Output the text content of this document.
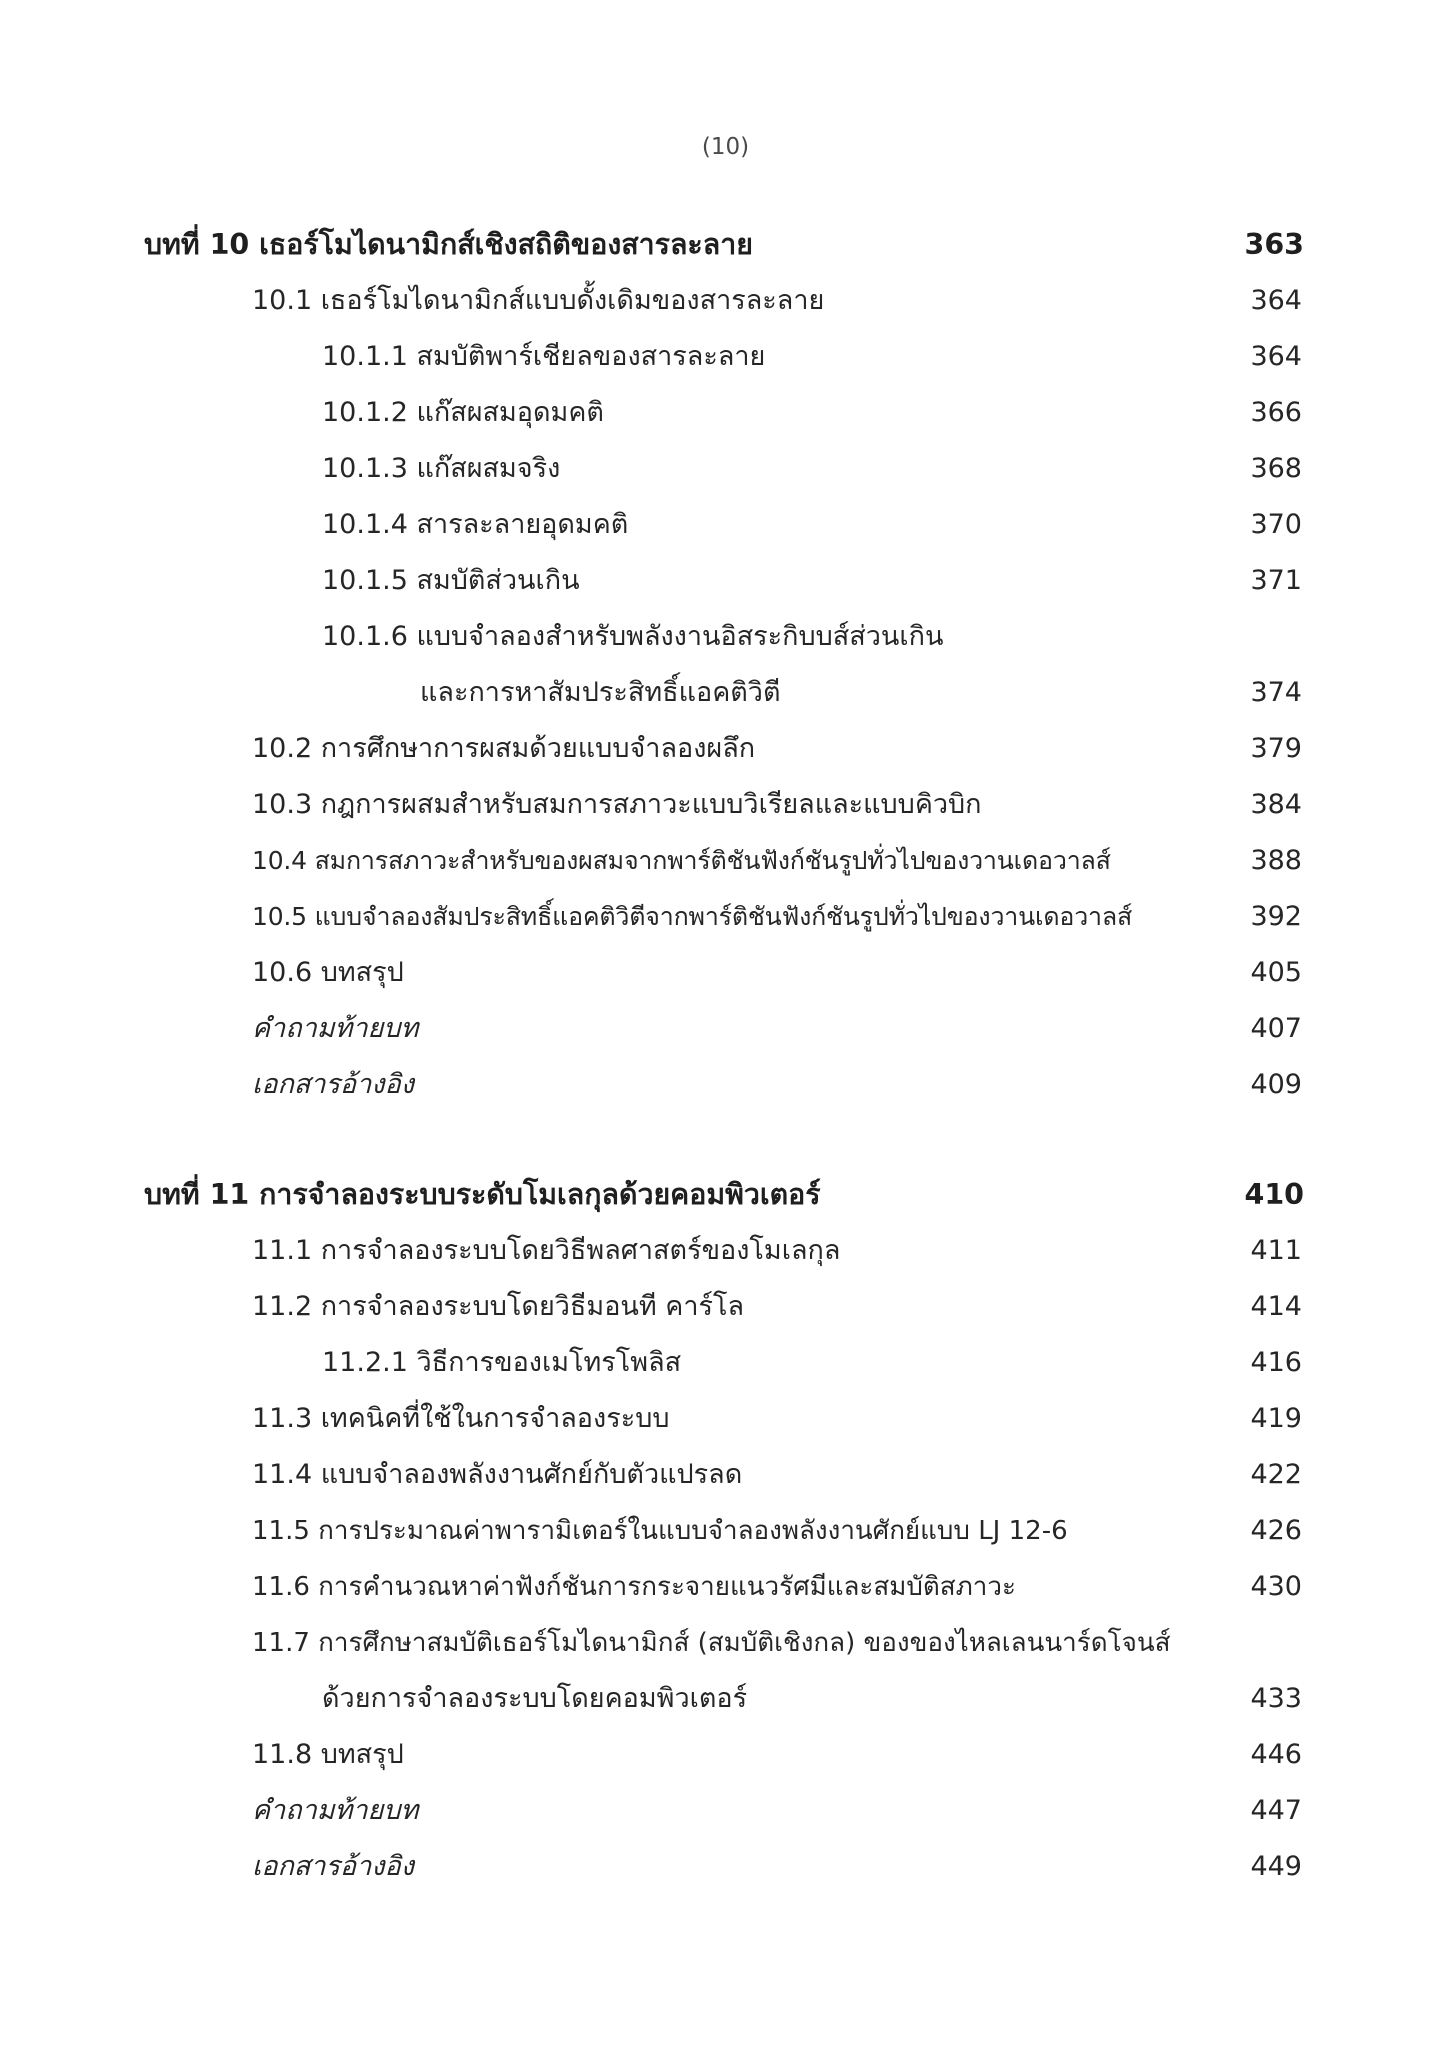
(10)
บทที่ 10 เธอร์โมไดนามิกส์เชิงสถิติของสารละลาย	363
10.1 เธอร์โมไดนามิกส์แบบดั้งเดิมของสารละลาย	364
10.1.1 สมบัติพาร์เชียลของสารละลาย	364
10.1.2 แก๊สผสมอุดมคติ	366
10.1.3 แก๊สผสมจริง	368
10.1.4 สารละลายอุดมคติ	370
10.1.5 สมบัติส่วนเกิน	371
10.1.6 แบบจำลองสำหรับพลังงานอิสระกิบบส์ส่วนเกิน
และการหาสัมประสิทธิ์แอคติวิตี	374
10.2 การศึกษาการผสมด้วยแบบจำลองผลึก	379
10.3 กฎการผสมสำหรับสมการสภาวะแบบวิเรียลและแบบคิวบิก	384
10.4 สมการสภาวะสำหรับของผสมจากพาร์ติชันฟังก์ชันรูปทั่วไปของวานเดอวาลส์	388
10.5 แบบจำลองสัมประสิทธิ์แอคติวิตีจากพาร์ติชันฟังก์ชันรูปทั่วไปของวานเดอวาลส์	392
10.6 บทสรุป	405
คำถามท้ายบท	407
เอกสารอ้างอิง	409
บทที่ 11 การจำลองระบบระดับโมเลกุลด้วยคอมพิวเตอร์	410
11.1 การจำลองระบบโดยวิธีพลศาสตร์ของโมเลกุล	411
11.2 การจำลองระบบโดยวิธีมอนที คาร์โล	414
11.2.1 วิธีการของเมโทรโพลิส	416
11.3 เทคนิคที่ใช้ในการจำลองระบบ	419
11.4 แบบจำลองพลังงานศักย์กับตัวแปรลด	422
11.5 การประมาณค่าพารามิเตอร์ในแบบจำลองพลังงานศักย์แบบ LJ 12-6	426
11.6 การคำนวณหาค่าฟังก์ชันการกระจายแนวรัศมีและสมบัติสภาวะ	430
11.7 การศึกษาสมบัติเธอร์โมไดนามิกส์ (สมบัติเชิงกล) ของของไหลเลนนาร์ดโจนส์
ด้วยการจำลองระบบโดยคอมพิวเตอร์	433
11.8 บทสรุป	446
คำถามท้ายบท	447
เอกสารอ้างอิง	449
